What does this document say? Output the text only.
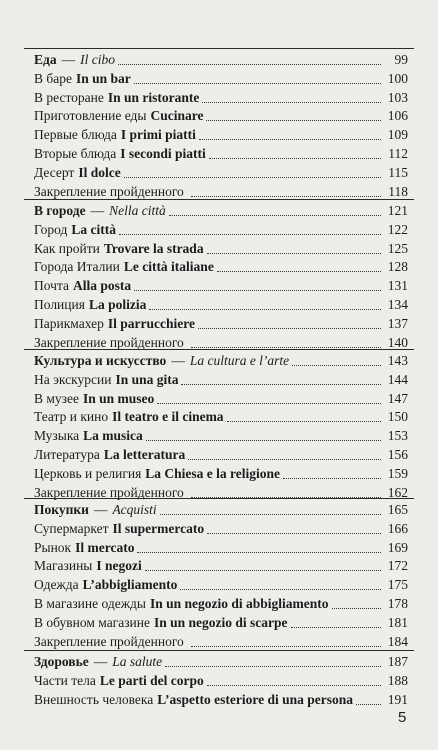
Еда — Il cibo	99
В баре In un bar	100
В ресторане In un ristorante	103
Приготовление еды Cucinare	106
Первые блюда I primi piatti	109
Вторые блюда I secondi piatti	112
Десерт Il dolce	115
Закрепление пройденного	118
В городе — Nella città	121
Город La città	122
Как пройти Trovare la strada	125
Города Италии Le città italiane	128
Почта Alla posta	131
Полиция La polizia	134
Парикмахер Il parrucchiere	137
Закрепление пройденного	140
Культура и искусство — La cultura e l’arte	143
На экскурсии In una gita	144
В музее In un museo	147
Театр и кино Il teatro e il cinema	150
Музыка La musica	153
Литература La letteratura	156
Церковь и религия La Chiesa e la religione	159
Закрепление пройденного	162
Покупки — Acquisti	165
Супермаркет Il supermercato	166
Рынок Il mercato	169
Магазины I negozi	172
Одежда L’abbigliamento	175
В магазине одежды In un negozio di abbigliamento	178
В обувном магазине In un negozio di scarpe	181
Закрепление пройденного	184
Здоровье — La salute	187
Части тела Le parti del corpo	188
Внешность человека L’aspetto esteriore di una persona	191
5
